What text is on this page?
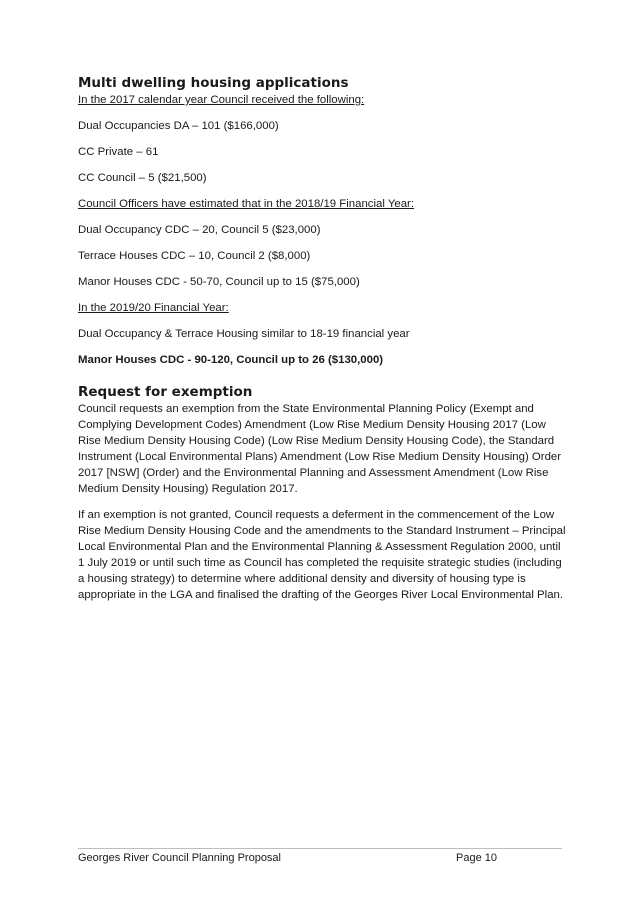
Multi dwelling housing applications

In the 2017 calendar year Council received the following:

Dual Occupancies DA – 101 ($166,000)

CC Private – 61

CC Council – 5 ($21,500)

Council Officers have estimated that in the 2018/19 Financial Year:

Dual Occupancy CDC – 20, Council 5 ($23,000)

Terrace Houses CDC – 10, Council 2 ($8,000)

Manor Houses CDC - 50-70, Council up to 15 ($75,000)

In the 2019/20 Financial Year:

Dual Occupancy & Terrace Housing similar to 18-19 financial year

Manor Houses CDC - 90-120, Council up to 26 ($130,000)

Request for exemption

Council requests an exemption from the State Environmental Planning Policy (Exempt and Complying Development Codes) Amendment (Low Rise Medium Density Housing 2017 (Low Rise Medium Density Housing Code) (Low Rise Medium Density Housing Code), the Standard Instrument (Local Environmental Plans) Amendment (Low Rise Medium Density Housing) Order 2017 [NSW] (Order) and the Environmental Planning and Assessment Amendment (Low Rise Medium Density Housing) Regulation 2017.

If an exemption is not granted, Council requests a deferment in the commencement of the Low Rise Medium Density Housing Code and the amendments to the Standard Instrument – Principal Local Environmental Plan and the Environmental Planning & Assessment Regulation 2000, until 1 July 2019 or until such time as Council has completed the requisite strategic studies (including a housing strategy) to determine where additional density and diversity of housing type is appropriate in the LGA and finalised the drafting of the Georges River Local Environmental Plan.

Georges River Council Planning Proposal	Page 10
